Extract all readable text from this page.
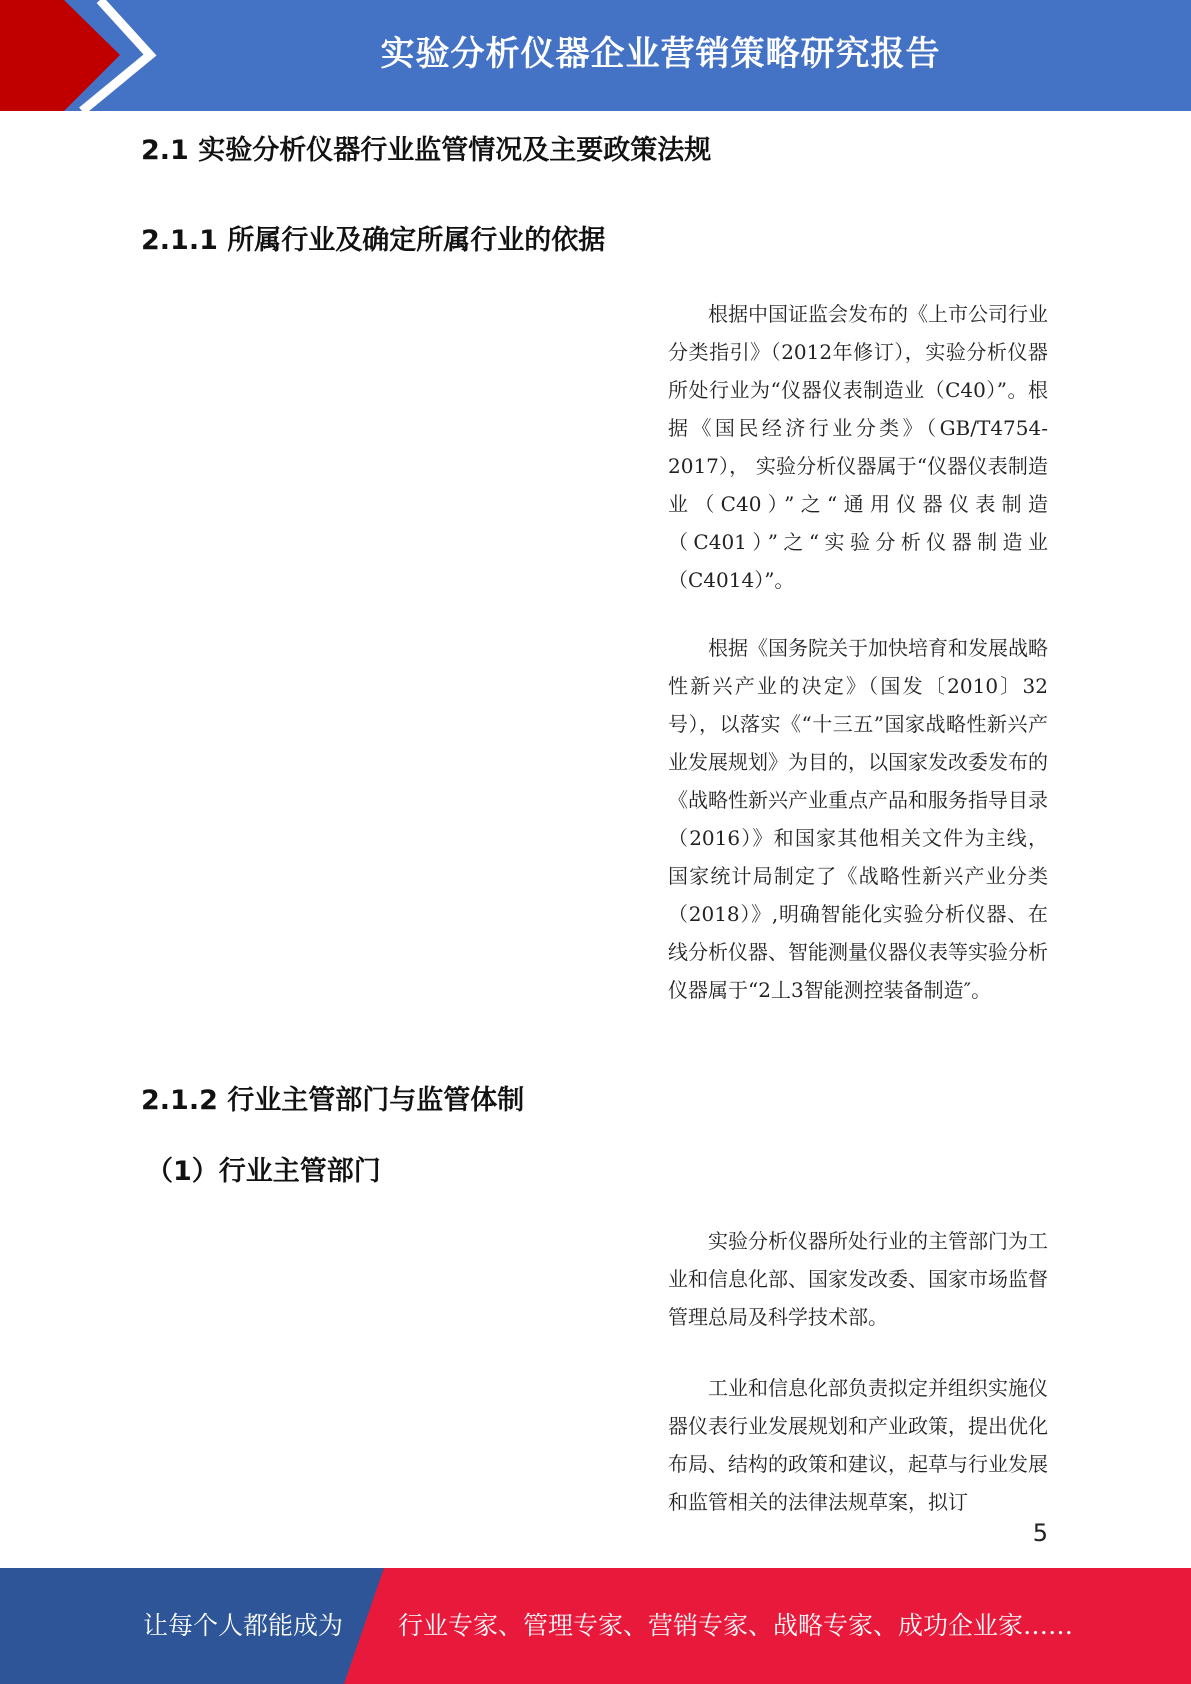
实验分析仪器企业营销策略研究报告
2.1 实验分析仪器行业监管情况及主要政策法规
2.1.1 所属行业及确定所属行业的依据

根据中国证监会发布的《上市公司行业分类指引》（2012年修订），实验分析仪器所处行业为“仪器仪表制造业（C40）”。根据《国民经济行业分类》（GB/T4754-2017）， 实验分析仪器属于“仪器仪表制造业（C40）”之“通用仪器仪表制造（C401）”之“实验分析仪器制造业（C4014）”。

根据《国务院关于加快培育和发展战略性新兴产业的决定》（国发〔2010〕32号），以落实《“十三五”国家战略性新兴产业发展规划》为目的，以国家发改委发布的《战略性新兴产业重点产品和服务指导目录（2016）》和国家其他相关文件为主线，国家统计局制定了《战略性新兴产业分类（2018）》,明确智能化实验分析仪器、在线分析仪器、智能测量仪器仪表等实验分析仪器属于“2丄3智能测控装备制造″。

2.1.2 行业主管部门与监管体制
（1）行业主管部门

实验分析仪器所处行业的主管部门为工业和信息化部、国家发改委、国家市场监督管理总局及科学技术部。

工业和信息化部负责拟定并组织实施仪器仪表行业发展规划和产业政策，提出优化布局、结构的政策和建议，起草与行业发展和监管相关的法律法规草案，拟订

5
让每个人都能成为 行业专家、管理专家、营销专家、战略专家、成功企业家……
